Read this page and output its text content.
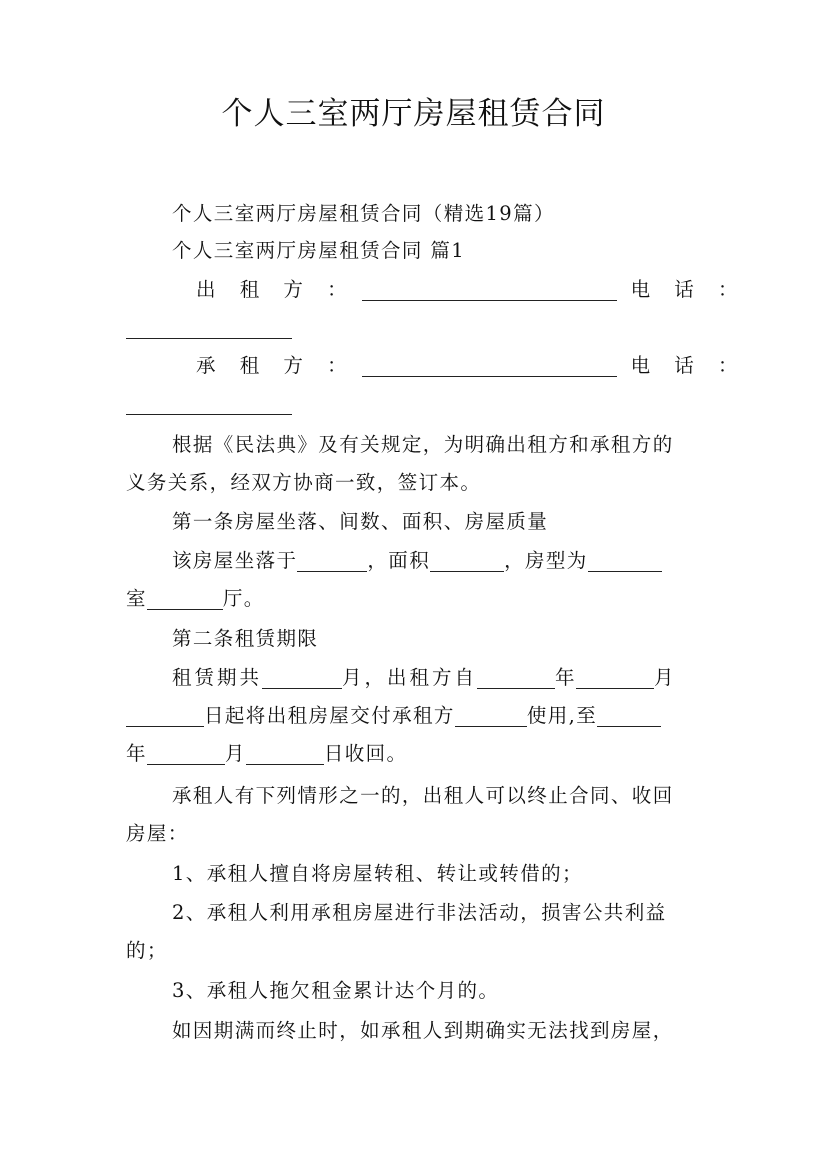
个人三室两厅房屋租赁合同
个人三室两厅房屋租赁合同（精选19篇）
个人三室两厅房屋租赁合同 篇1
出 租 方 ：	电 话 ：
承 租 方 ：	电 话 ：
根据《民法典》及有关规定，为明确出租方和承租方的
义务关系，经双方协商一致，签订本。
第一条房屋坐落、间数、面积、房屋质量
该房屋坐落于	，面积	，房型为
室	厅。
第二条租赁期限
租赁期共	月，出租方自	年	月
日起将出租房屋交付承租方	使用,至
年	月	日收回。
承租人有下列情形之一的，出租人可以终止合同、收回
房屋：
1、承租人擅自将房屋转租、转让或转借的；
2、承租人利用承租房屋进行非法活动，损害公共利益
的；
3、承租人拖欠租金累计达个月的。
如因期满而终止时，如承租人到期确实无法找到房屋，
